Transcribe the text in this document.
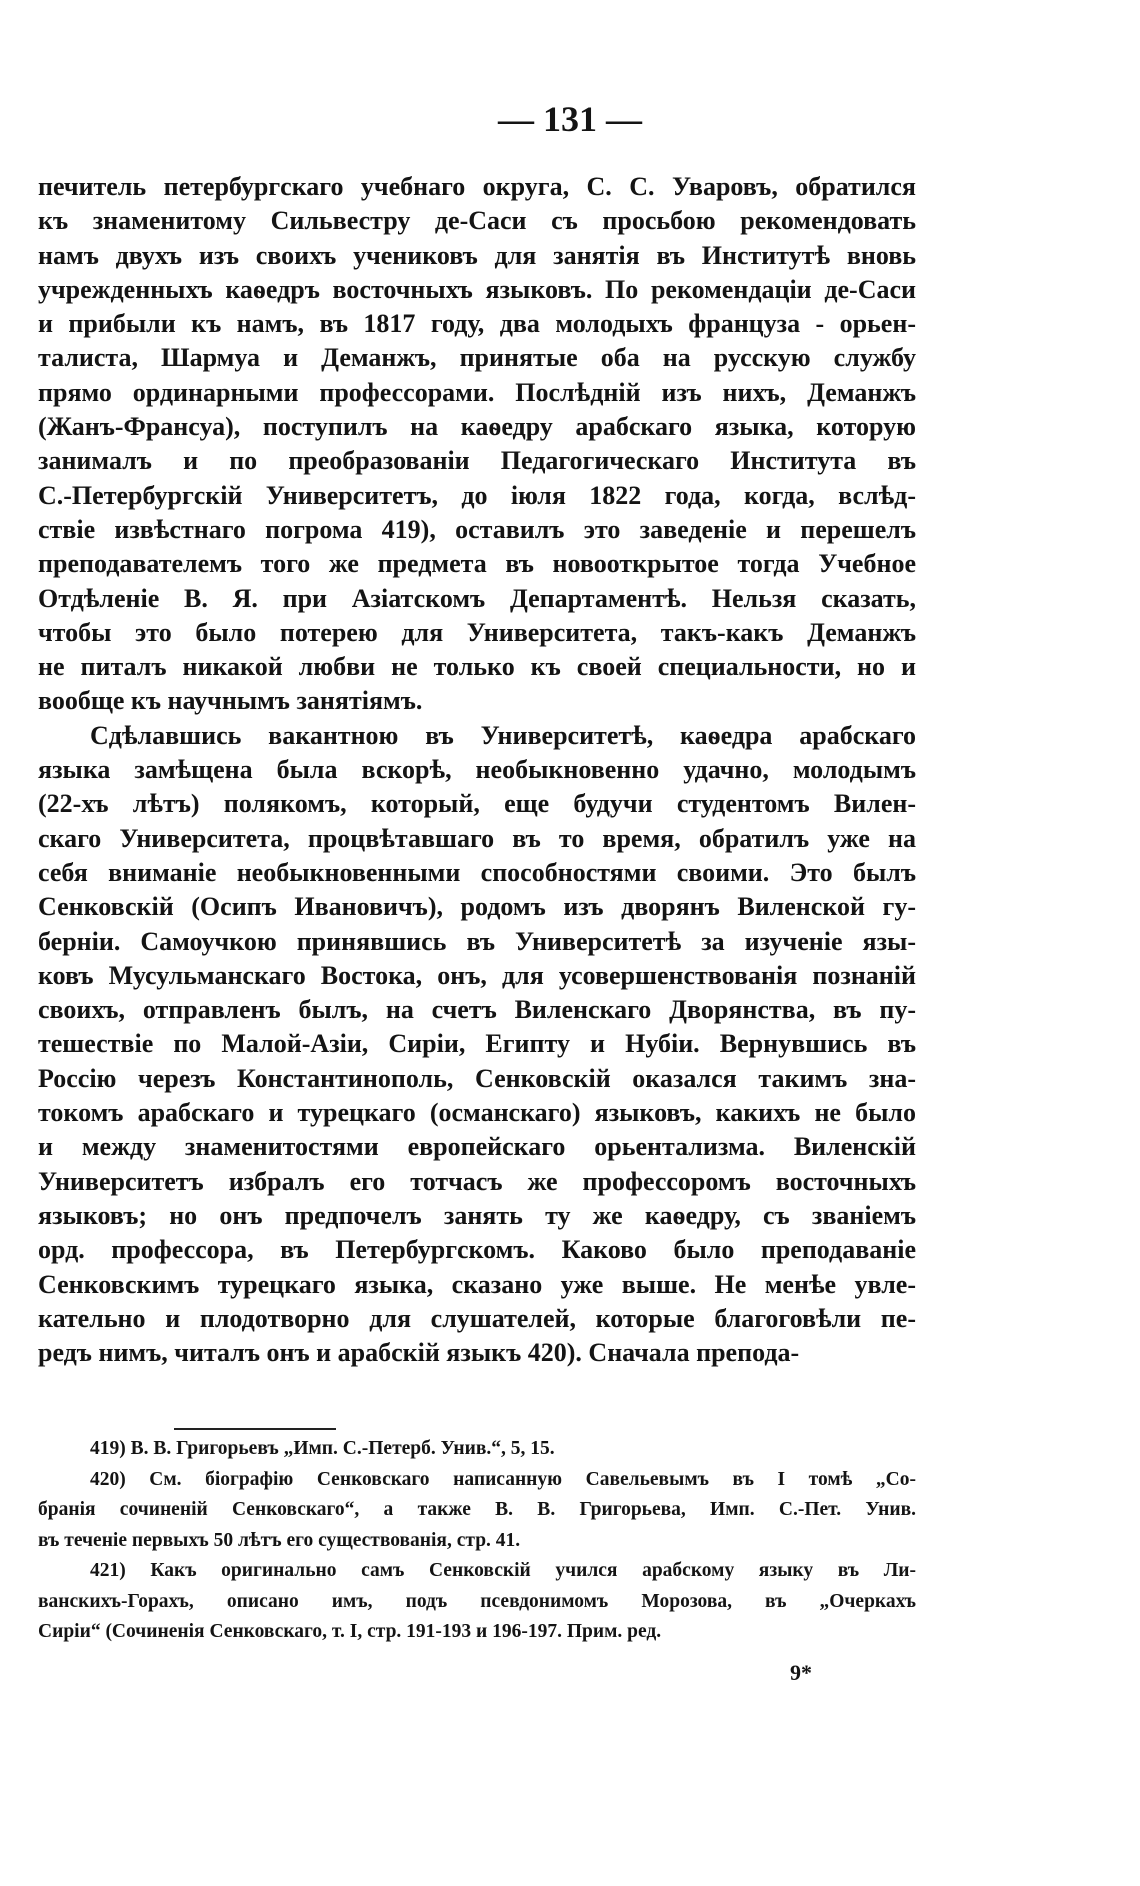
— 131 —
печитель петербургскаго учебнаго округа, С. С. Уваровъ, обратился
къ знаменитому Сильвестру де-Саси съ просьбою рекомендовать
намъ двухъ изъ своихъ учениковъ для занятія въ Институтѣ вновь
учрежденныхъ каѳедръ восточныхъ языковъ. По рекомендаціи де-Саси
и прибыли къ намъ, въ 1817 году, два молодыхъ француза - орьен-
талиста, Шармуа и Деманжъ, принятые оба на русскую службу
прямо ординарными профессорами. Послѣдній изъ нихъ, Деманжъ
(Жанъ-Франсуа), поступилъ на каѳедру арабскаго языка, которую
занималъ и по преобразованіи Педагогическаго Института въ
С.-Петербургскій Университетъ, до іюля 1822 года, когда, вслѣд-
ствіе извѣстнаго погрома 419), оставилъ это заведеніе и перешелъ
преподавателемъ того же предмета въ новооткрытое тогда Учебное
Отдѣленіе В. Я. при Азіатскомъ Департаментѣ. Нельзя сказать,
чтобы это было потерею для Университета, такъ-какъ Деманжъ
не питалъ никакой любви не только къ своей специальности, но и
вообще къ научнымъ занятіямъ.
Сдѣлавшись вакантною въ Университетѣ, каѳедра арабскаго
языка замѣщена была вскорѣ, необыкновенно удачно, молодымъ
(22-хъ лѣтъ) полякомъ, который, еще будучи студентомъ Вилен-
скаго Университета, процвѣтавшаго въ то время, обратилъ уже на
себя вниманіе необыкновенными способностями своими. Это былъ
Сенковскій (Осипъ Ивановичъ), родомъ изъ дворянъ Виленской гу-
берніи. Самоучкою принявшись въ Университетѣ за изученіе язы-
ковъ Мусульманскаго Востока, онъ, для усовершенствованія познаній
своихъ, отправленъ былъ, на счетъ Виленскаго Дворянства, въ пу-
тешествіе по Малой-Азіи, Сиріи, Египту и Нубіи. Вернувшись въ
Россію черезъ Константинополь, Сенковскій оказался такимъ зна-
токомъ арабскаго и турецкаго (османскаго) языковъ, какихъ не было
и между знаменитостями европейскаго орьентализма. Виленскій
Университетъ избралъ его тотчасъ же профессоромъ восточныхъ
языковъ; но онъ предпочелъ занять ту же каѳедру, съ званіемъ
орд. профессора, въ Петербургскомъ. Каково было преподаваніе
Сенковскимъ турецкаго языка, сказано уже выше. Не менѣе увле-
кательно и плодотворно для слушателей, которые благоговѣли пе-
редъ нимъ, читалъ онъ и арабскій языкъ 420). Сначала препода-
419) В. В. Григорьевъ „Имп. С.-Петерб. Унив.“, 5, 15.
420) См. біографію Сенковскаго написанную Савельевымъ въ I томѣ „Со-
бранія сочиненій Сенковскаго“, а также В. В. Григорьева, Имп. С.-Пет. Унив.
въ теченіе первыхъ 50 лѣтъ его существованія, стр. 41.
421) Какъ оригинально самъ Сенковскій учился арабскому языку въ Ли-
ванскихъ-Горахъ, описано имъ, подъ псевдонимомъ Морозова, въ „Очеркахъ
Сиріи“ (Сочиненія Сенковскаго, т. I, стр. 191-193 и 196-197. Прим. ред.
9*
